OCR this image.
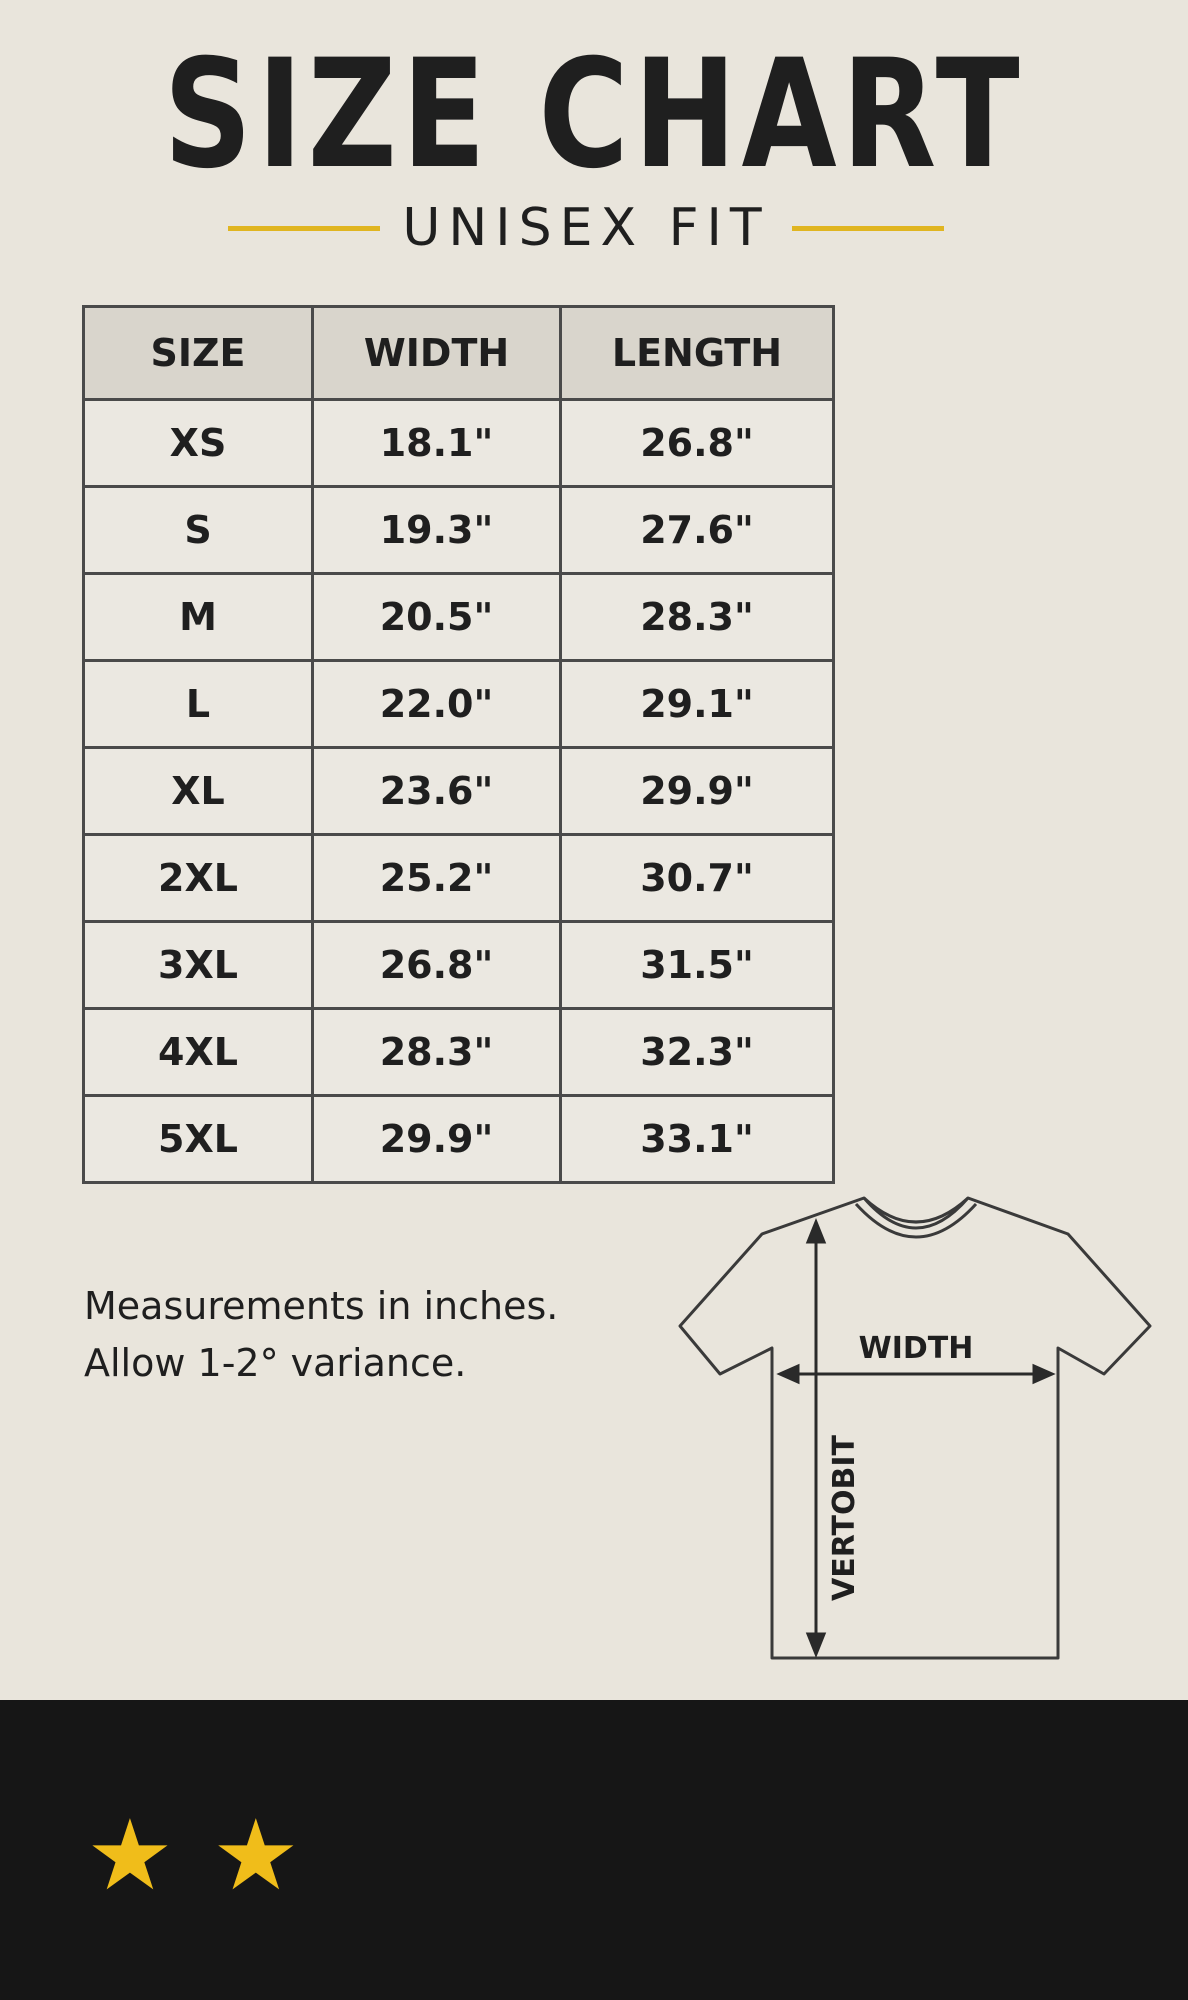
SIZE CHART
UNISEX FIT
SIZE	WIDTH	LENGTH
XS	18.1"	26.8"
S	19.3"	27.6"
M	20.5"	28.3"
L	22.0"	29.1"
XL	23.6"	29.9"
2XL	25.2"	30.7"
3XL	26.8"	31.5"
4XL	28.3"	32.3"
5XL	29.9"	33.1"
Measurements in inches.
Allow 1-2° variance.	WIDTH
VERTOBIT
★ ★
